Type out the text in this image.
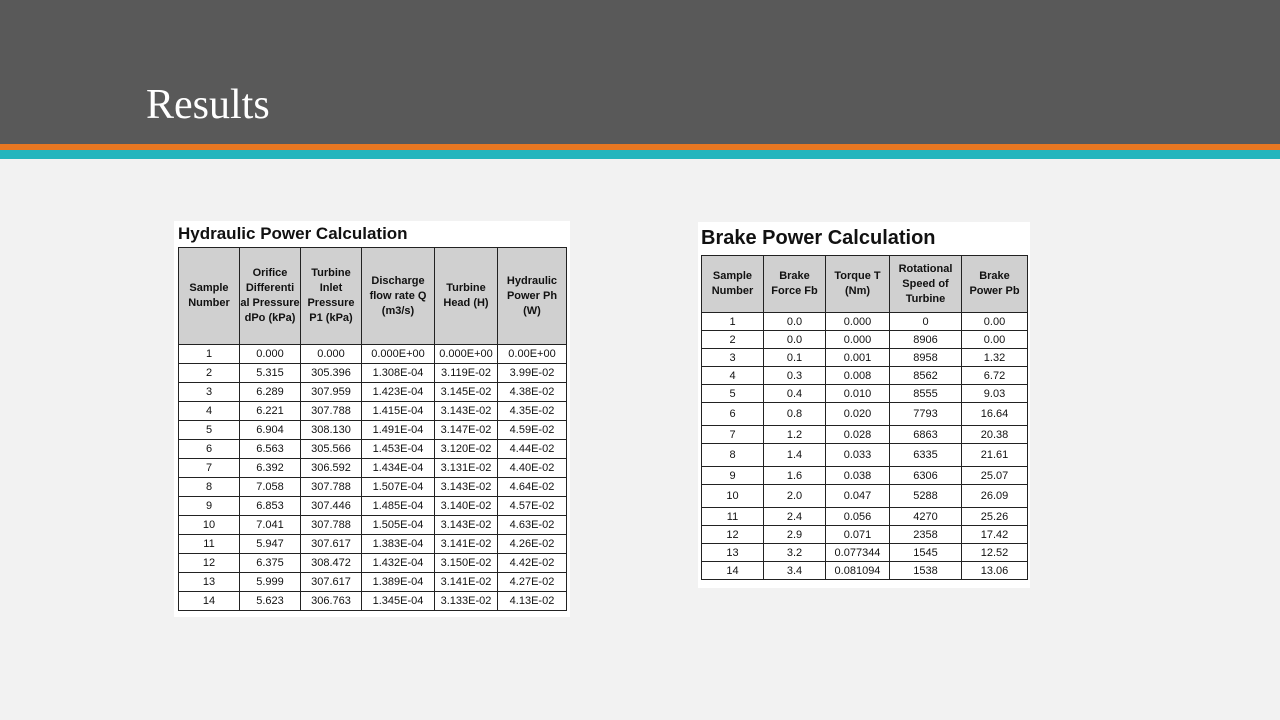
Results
Hydraulic Power Calculation
Sample Number	Orifice Differenti al Pressure dPo (kPa)	Turbine Inlet Pressure P1 (kPa)	Discharge flow rate Q (m3/s)	Turbine Head (H)	Hydraulic Power Ph (W)
1	0.000	0.000	0.000E+00	0.000E+00	0.00E+00
2	5.315	305.396	1.308E-04	3.119E-02	3.99E-02
3	6.289	307.959	1.423E-04	3.145E-02	4.38E-02
4	6.221	307.788	1.415E-04	3.143E-02	4.35E-02
5	6.904	308.130	1.491E-04	3.147E-02	4.59E-02
6	6.563	305.566	1.453E-04	3.120E-02	4.44E-02
7	6.392	306.592	1.434E-04	3.131E-02	4.40E-02
8	7.058	307.788	1.507E-04	3.143E-02	4.64E-02
9	6.853	307.446	1.485E-04	3.140E-02	4.57E-02
10	7.041	307.788	1.505E-04	3.143E-02	4.63E-02
11	5.947	307.617	1.383E-04	3.141E-02	4.26E-02
12	6.375	308.472	1.432E-04	3.150E-02	4.42E-02
13	5.999	307.617	1.389E-04	3.141E-02	4.27E-02
14	5.623	306.763	1.345E-04	3.133E-02	4.13E-02
Brake Power Calculation
Sample Number	Brake Force Fb	Torque T (Nm)	Rotational Speed of Turbine	Brake Power Pb
1	0.0	0.000	0	0.00
2	0.0	0.000	8906	0.00
3	0.1	0.001	8958	1.32
4	0.3	0.008	8562	6.72
5	0.4	0.010	8555	9.03
6	0.8	0.020	7793	16.64
7	1.2	0.028	6863	20.38
8	1.4	0.033	6335	21.61
9	1.6	0.038	6306	25.07
10	2.0	0.047	5288	26.09
11	2.4	0.056	4270	25.26
12	2.9	0.071	2358	17.42
13	3.2	0.077344	1545	12.52
14	3.4	0.081094	1538	13.06
